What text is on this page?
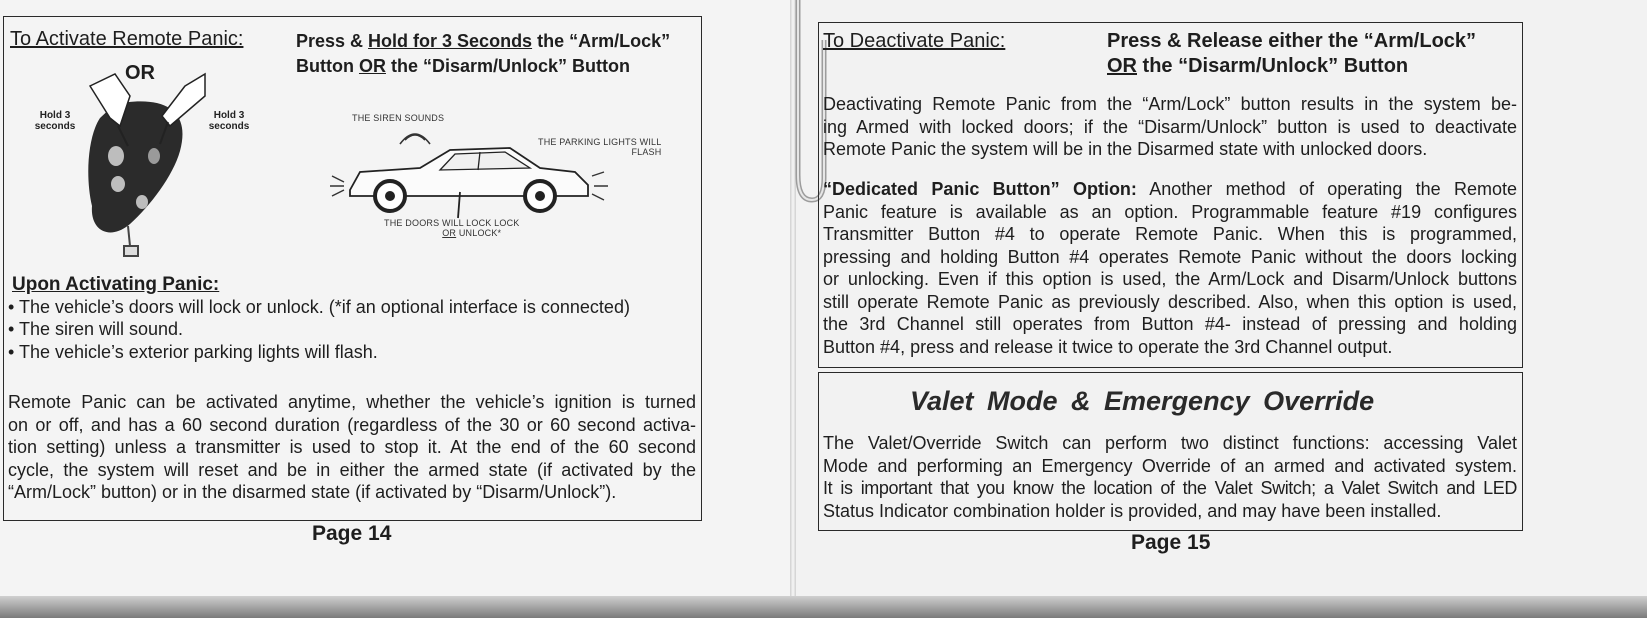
To Activate Remote Panic:	Press & Hold for 3 Seconds the “Arm/Lock”
Button OR the “Disarm/Unlock” Button
OR
Hold 3
seconds
Hold 3
seconds
THE SIREN SOUNDS
THE PARKING LIGHTS WILL
FLASH
THE DOORS WILL LOCK LOCK
OR UNLOCK*
Upon Activating Panic:
• The vehicle’s doors will lock or unlock. (*if an optional interface is connected)
• The siren will sound.
• The vehicle’s exterior parking lights will flash.
Remote Panic can be activated anytime, whether the vehicle’s ignition is turned
on or off, and has a 60 second duration (regardless of the 30 or 60 second activa-
tion setting) unless a transmitter is used to stop it. At the end of the 60 second
cycle, the system will reset and be in either the armed state (if activated by the
“Arm/Lock” button) or in the disarmed state (if activated by “Disarm/Unlock”).
Page 14
To Deactivate Panic:	Press & Release either the “Arm/Lock”
OR the “Disarm/Unlock” Button
Deactivating Remote Panic from the “Arm/Lock” button results in the system be-
ing Armed with locked doors; if the “Disarm/Unlock” button is used to deactivate
Remote Panic the system will be in the Disarmed state with unlocked doors.
“Dedicated Panic Button” Option: Another method of operating the Remote
Panic feature is available as an option. Programmable feature #19 configures
Transmitter Button #4 to operate Remote Panic. When this is programmed,
pressing and holding Button #4 operates Remote Panic without the doors locking
or unlocking. Even if this option is used, the Arm/Lock and Disarm/Unlock buttons
still operate Remote Panic as previously described. Also, when this option is used,
the 3rd Channel still operates from Button #4- instead of pressing and holding
Button #4, press and release it twice to operate the 3rd Channel output.
Valet Mode & Emergency Override
The Valet/Override Switch can perform two distinct functions: accessing Valet
Mode and performing an Emergency Override of an armed and activated system.
It is important that you know the location of the Valet Switch; a Valet Switch and LED
Status Indicator combination holder is provided, and may have been installed.
Page 15
